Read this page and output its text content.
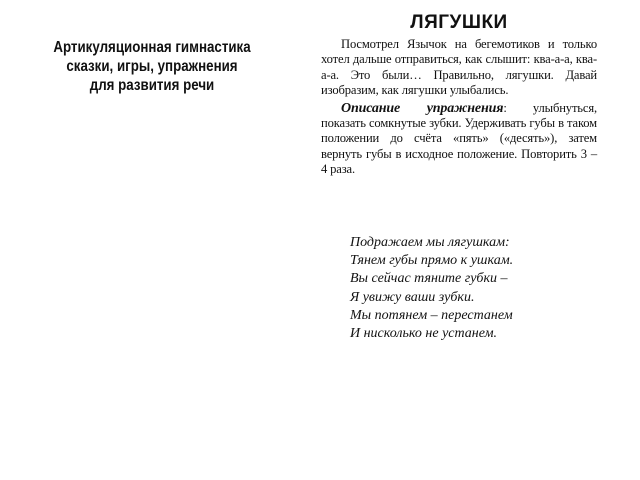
Артикуляционная гимнастика
сказки, игры, упражнения
для развития речи
ЛЯГУШКИ

Посмотрел Язычок на бегемотиков и только хотел дальше отправиться, как слышит: ква-а-а, ква-а-а. Это были… Правильно, лягушки. Давай изобразим, как лягушки улыбались.

Описание упражнения: улыбнуться, показать сомкнутые зубки. Удерживать губы в таком положении до счёта «пять» («десять»), затем вернуть губы в исходное положение. Повторить 3 – 4 раза.

Подражаем мы лягушкам:
Тянем губы прямо к ушкам.
Вы сейчас тяните губки –
Я увижу ваши зубки.
Мы потянем – перестанем
И нисколько не устанем.
